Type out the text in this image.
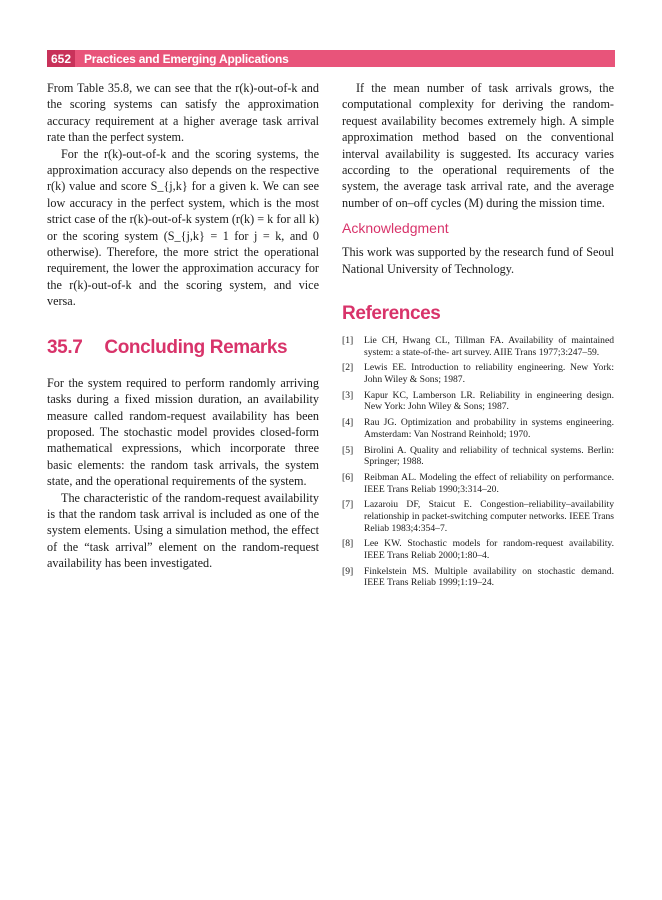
652	Practices and Emerging Applications

From Table 35.8, we can see that the r(k)-out-of-k and the scoring systems can satisfy the approximation accuracy requirement at a higher average task arrival rate than the perfect system.

For the r(k)-out-of-k and the scoring systems, the approximation accuracy also depends on the respective r(k) value and score S_{j,k} for a given k. We can see low accuracy in the perfect system, which is the most strict case of the r(k)-out-of-k system (r(k) = k for all k) or the scoring system (S_{j,k} = 1 for j = k, and 0 otherwise). Therefore, the more strict the operational requirement, the lower the approximation accuracy for the r(k)-out-of-k and the scoring system, and vice versa.

35.7 Concluding Remarks

For the system required to perform randomly arriving tasks during a fixed mission duration, an availability measure called random-request availability has been proposed. The stochastic model provides closed-form mathematical expressions, which incorporate three basic elements: the random task arrivals, the system state, and the operational requirements of the system.

The characteristic of the random-request availability is that the random task arrival is included as one of the system elements. Using a simulation method, the effect of the “task arrival” element on the random-request availability has been investigated.

If the mean number of task arrivals grows, the computational complexity for deriving the random-request availability becomes extremely high. A simple approximation method based on the conventional interval availability is suggested. Its accuracy varies according to the operational requirements of the system, the average task arrival rate, and the average number of on–off cycles (M) during the mission time.

Acknowledgment

This work was supported by the research fund of Seoul National University of Technology.

References
[1]	Lie CH, Hwang CL, Tillman FA. Availability of maintained system: a state-of-the- art survey. AIIE Trans 1977;3:247–59.
[2]	Lewis EE. Introduction to reliability engineering. New York: John Wiley & Sons; 1987.
[3]	Kapur KC, Lamberson LR. Reliability in engineering design. New York: John Wiley & Sons; 1987.
[4]	Rau JG. Optimization and probability in systems engineering. Amsterdam: Van Nostrand Reinhold; 1970.
[5]	Birolini A. Quality and reliability of technical systems. Berlin: Springer; 1988.
[6]	Reibman AL. Modeling the effect of reliability on performance. IEEE Trans Reliab 1990;3:314–20.
[7]	Lazaroiu DF, Staicut E. Congestion–reliability–availability relationship in packet-switching computer networks. IEEE Trans Reliab 1983;4:354–7.
[8]	Lee KW. Stochastic models for random-request availability. IEEE Trans Reliab 2000;1:80–4.
[9]	Finkelstein MS. Multiple availability on stochastic demand. IEEE Trans Reliab 1999;1:19–24.
